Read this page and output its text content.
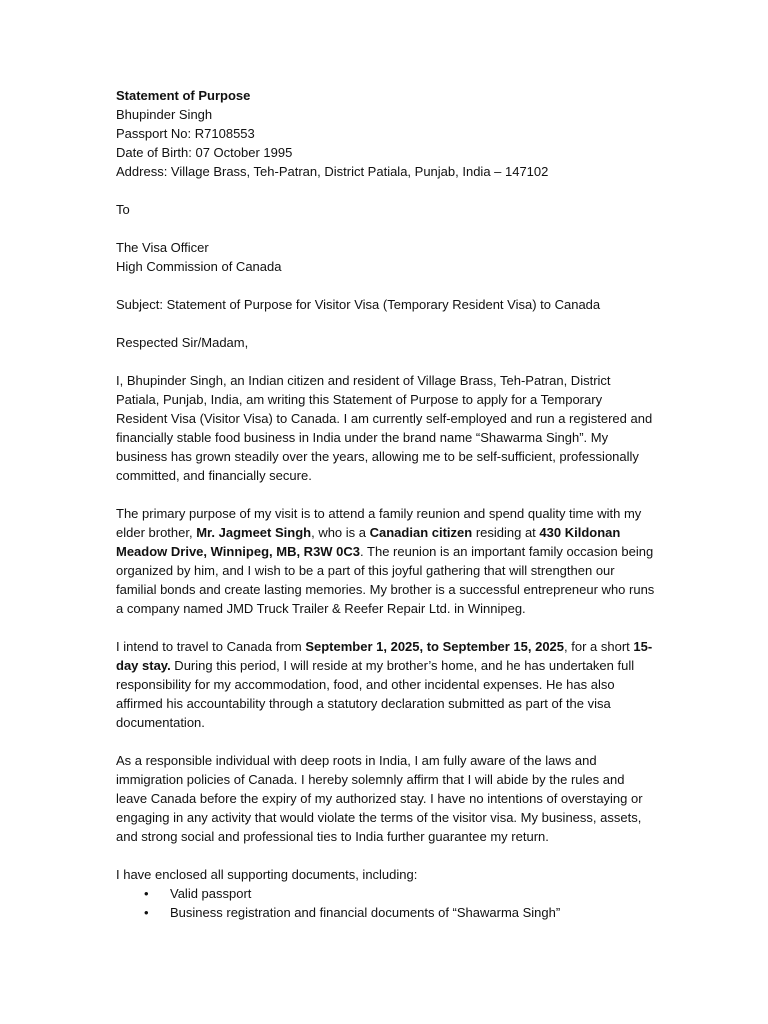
Statement of Purpose
Bhupinder Singh
Passport No: R7108553
Date of Birth: 07 October 1995
Address: Village Brass, Teh-Patran, District Patiala, Punjab, India – 147102
To
The Visa Officer
High Commission of Canada
Subject: Statement of Purpose for Visitor Visa (Temporary Resident Visa) to Canada
Respected Sir/Madam,

I, Bhupinder Singh, an Indian citizen and resident of Village Brass, Teh-Patran, District Patiala, Punjab, India, am writing this Statement of Purpose to apply for a Temporary Resident Visa (Visitor Visa) to Canada. I am currently self-employed and run a registered and financially stable food business in India under the brand name “Shawarma Singh”. My business has grown steadily over the years, allowing me to be self-sufficient, professionally committed, and financially secure.

The primary purpose of my visit is to attend a family reunion and spend quality time with my elder brother, Mr. Jagmeet Singh, who is a Canadian citizen residing at 430 Kildonan Meadow Drive, Winnipeg, MB, R3W 0C3. The reunion is an important family occasion being organized by him, and I wish to be a part of this joyful gathering that will strengthen our familial bonds and create lasting memories. My brother is a successful entrepreneur who runs a company named JMD Truck Trailer & Reefer Repair Ltd. in Winnipeg.

I intend to travel to Canada from September 1, 2025, to September 15, 2025, for a short 15-day stay. During this period, I will reside at my brother’s home, and he has undertaken full responsibility for my accommodation, food, and other incidental expenses. He has also affirmed his accountability through a statutory declaration submitted as part of the visa documentation.

As a responsible individual with deep roots in India, I am fully aware of the laws and immigration policies of Canada. I hereby solemnly affirm that I will abide by the rules and leave Canada before the expiry of my authorized stay. I have no intentions of overstaying or engaging in any activity that would violate the terms of the visitor visa. My business, assets, and strong social and professional ties to India further guarantee my return.

I have enclosed all supporting documents, including:

• Valid passport
• Business registration and financial documents of “Shawarma Singh”
